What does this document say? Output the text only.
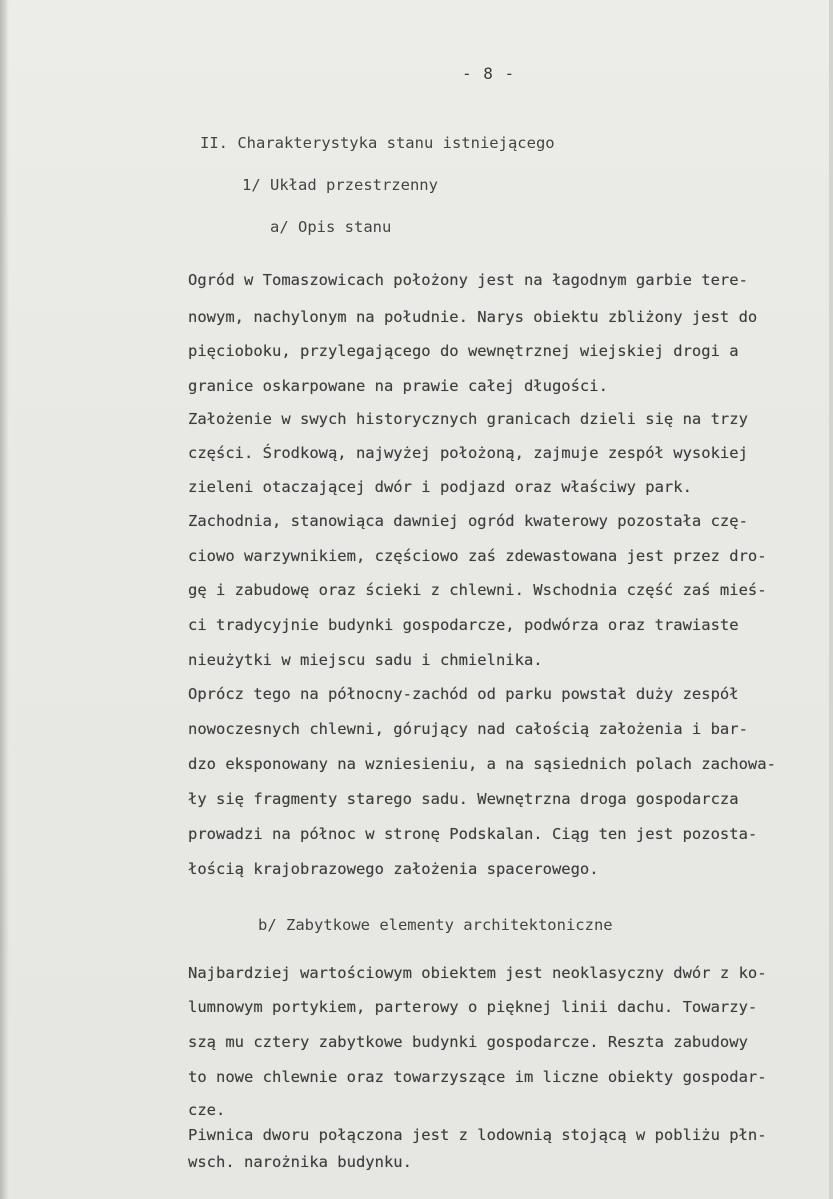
- 8 -
II. Charakterystyka stanu istniejącego
1/ Układ przestrzenny
a/ Opis stanu
Ogród w Tomaszowicach położony jest na łagodnym garbie tere-
nowym, nachylonym na południe. Narys obiektu zbliżony jest do
pięcioboku, przylegającego do wewnętrznej wiejskiej drogi a
granice oskarpowane na prawie całej długości.
Założenie w swych historycznych granicach dzieli się na trzy
części. Środkową, najwyżej położoną, zajmuje zespół wysokiej
zieleni otaczającej dwór i podjazd oraz właściwy park.
Zachodnia, stanowiąca dawniej ogród kwaterowy pozostała czę-
ciowo warzywnikiem, częściowo zaś zdewastowana jest przez dro-
gę i zabudowę oraz ścieki z chlewni. Wschodnia część zaś mieś-
ci tradycyjnie budynki gospodarcze, podwórza oraz trawiaste
nieużytki w miejscu sadu i chmielnika.
Oprócz tego na północny-zachód od parku powstał duży zespół
nowoczesnych chlewni, górujący nad całością założenia i bar-
dzo eksponowany na wzniesieniu, a na sąsiednich polach zachowa-
ły się fragmenty starego sadu. Wewnętrzna droga gospodarcza
prowadzi na północ w stronę Podskalan. Ciąg ten jest pozosta-
łością krajobrazowego założenia spacerowego.
b/ Zabytkowe elementy architektoniczne
Najbardziej wartościowym obiektem jest neoklasyczny dwór z ko-
lumnowym portykiem, parterowy o pięknej linii dachu. Towarzy-
szą mu cztery zabytkowe budynki gospodarcze. Reszta zabudowy
to nowe chlewnie oraz towarzyszące im liczne obiekty gospodar-
cze.
Piwnica dworu połączona jest z lodownią stojącą w pobliżu płn-
wsch. narożnika budynku.
